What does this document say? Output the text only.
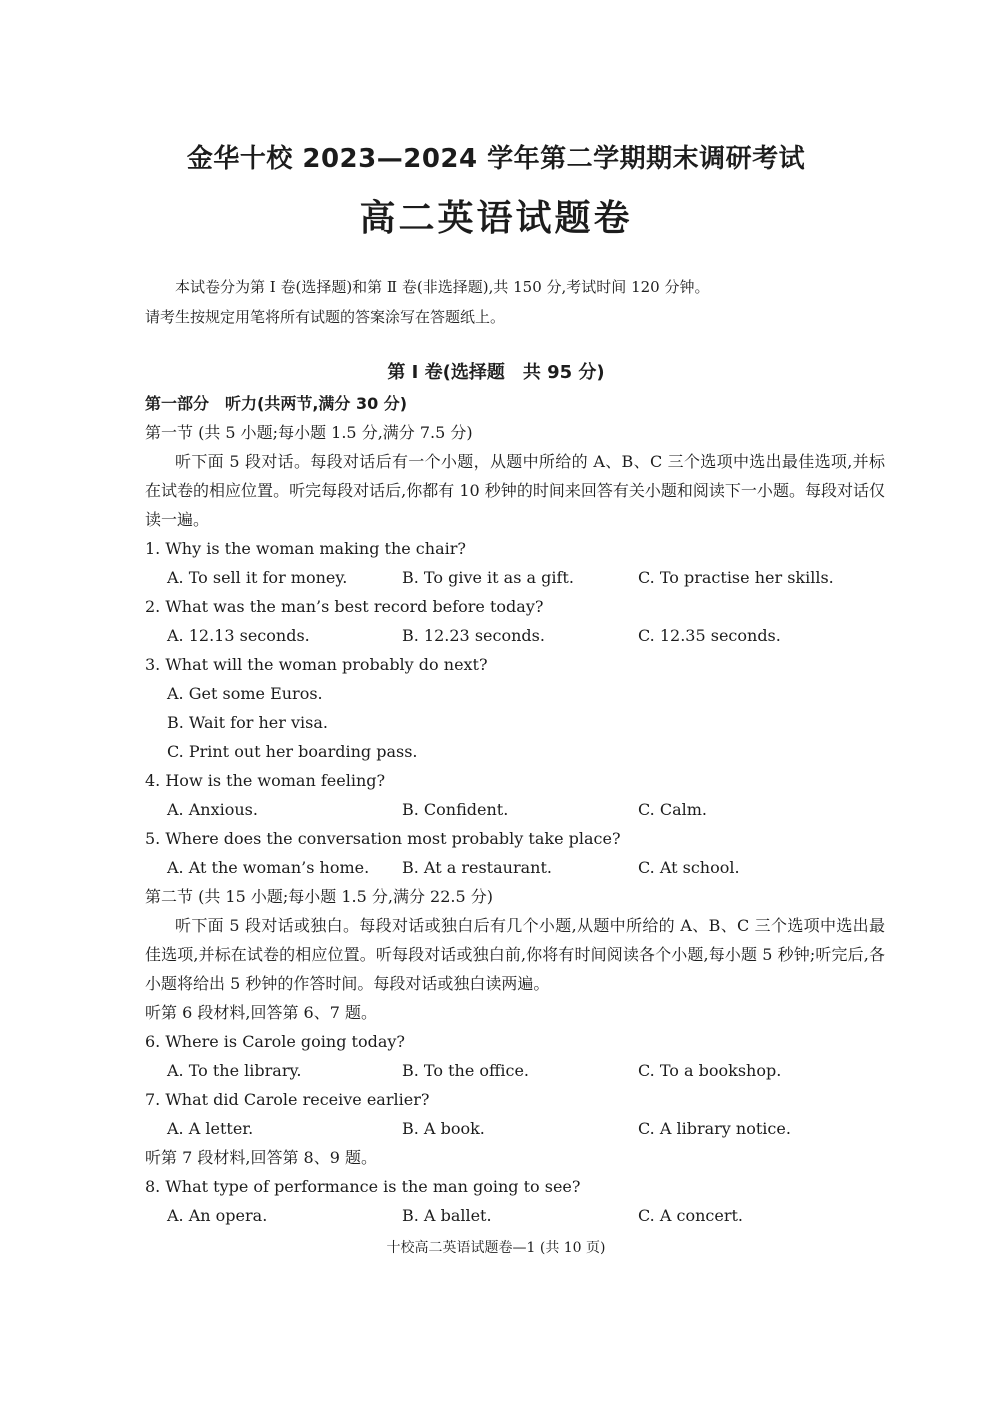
金华十校 2023—2024 学年第二学期期末调研考试
高二英语试题卷
本试卷分为第 Ⅰ 卷(选择题)和第 Ⅱ 卷(非选择题),共 150 分,考试时间 120 分钟。
请考生按规定用笔将所有试题的答案涂写在答题纸上。
第 I 卷(选择题　共 95 分)
第一部分　听力(共两节,满分 30 分)
第一节 (共 5 小题;每小题 1.5 分,满分 7.5 分)
听下面 5 段对话。每段对话后有一个小题，从题中所给的 A、B、C 三个选项中选出最佳选项,并标在试卷的相应位置。听完每段对话后,你都有 10 秒钟的时间来回答有关小题和阅读下一小题。每段对话仅读一遍。
1. Why is the woman making the chair?
A. To sell it for money.	B. To give it as a gift.	C. To practise her skills.
2. What was the man’s best record before today?
A. 12.13 seconds.	B. 12.23 seconds.	C. 12.35 seconds.
3. What will the woman probably do next?
A. Get some Euros.
B. Wait for her visa.
C. Print out her boarding pass.
4. How is the woman feeling?
A. Anxious.	B. Confident.	C. Calm.
5. Where does the conversation most probably take place?
A. At the woman’s home. B. At a restaurant.	C. At school.
第二节 (共 15 小题;每小题 1.5 分,满分 22.5 分)
听下面 5 段对话或独白。每段对话或独白后有几个小题,从题中所给的 A、B、C 三个选项中选出最佳选项,并标在试卷的相应位置。听每段对话或独白前,你将有时间阅读各个小题,每小题 5 秒钟;听完后,各小题将给出 5 秒钟的作答时间。每段对话或独白读两遍。
听第 6 段材料,回答第 6、7 题。
6. Where is Carole going today?
A. To the library.	B. To the office.	C. To a bookshop.
7. What did Carole receive earlier?
A. A letter.	B. A book.	C. A library notice.
听第 7 段材料,回答第 8、9 题。
8. What type of performance is the man going to see?
A. An opera.	B. A ballet.	C. A concert.
十校高二英语试题卷—1 (共 10 页)
